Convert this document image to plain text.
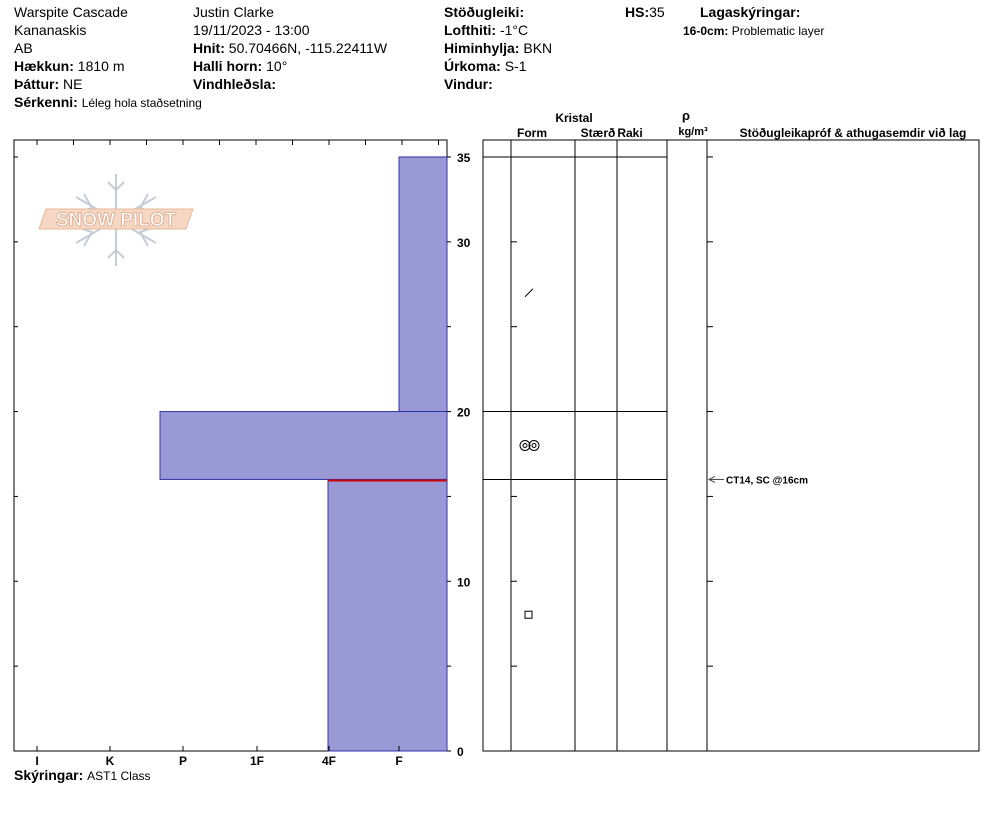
Warspite Cascade
Kananaskis
AB
Hækkun: 1810 m
Þáttur: NE
Sérkenni: Léleg hola staðsetning
Justin Clarke
19/11/2023 - 13:00
Hnit: 50.70466N, -115.22411W
Halli horn: 10°
Vindhleðsla:
Stöðugleiki:
Lofthiti: -1°C
Himinhylja: BKN
Úrkoma: S-1
Vindur:
HS:35	Lagaskýringar:
16-0cm: Problematic layer
SNOW PILOT
0
10
20
30
35
I	K	P	1F	4F	F
Kristal
Form	Stærð Raki
ρ
kg/m³	Stöðugleikapróf & athugasemdir við lag
CT14, SC @16cm
Skýringar: AST1 Class
